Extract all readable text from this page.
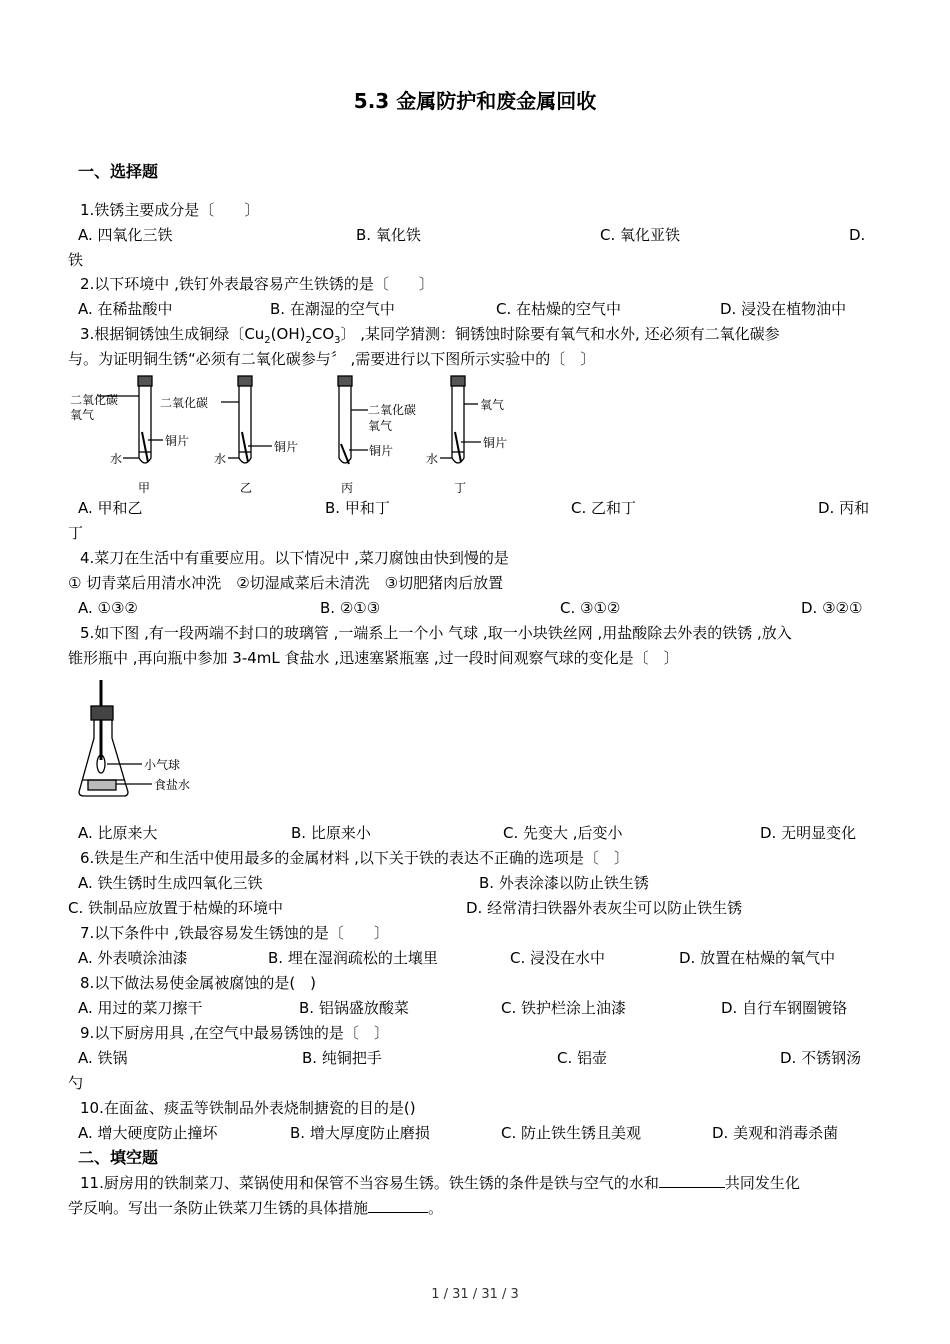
5.3 金属防护和废金属回收
一、选择题
1.铁锈主要成分是〔　　〕
A. 四氧化三铁	B. 氧化铁	C. 氧化亚铁	D.
铁
2.以下环境中 ,铁钉外表最容易产生铁锈的是〔　　〕
A. 在稀盐酸中	B. 在潮湿的空气中	C. 在枯燥的空气中	D. 浸没在植物油中
3.根据铜锈蚀生成铜绿〔$Cu_2(OH)_2CO_3$〕 ,某同学猜测：铜锈蚀时除要有氧气和水外, 还必须有二氧化碳参
与。为证明铜生锈“必须有二氧化碳参与〞 ,需要进行以下图所示实验中的〔　〕
二氧化碳
氧气
铜片
水
二氧化碳
铜片
水
二氧化碳
氧气
铜片
氧气
铜片
水
甲	乙	丙	丁
A. 甲和乙	B. 甲和丁	C. 乙和丁	D. 丙和
丁
4.菜刀在生活中有重要应用。以下情况中 ,菜刀腐蚀由快到慢的是
① 切青菜后用清水冲洗　②切湿咸菜后未清洗　③切肥猪肉后放置
A. ①③②	B. ②①③	C. ③①②	D. ③②①
5.如下图 ,有一段两端不封口的玻璃管 ,一端系上一个小 气球 ,取一小块铁丝网 ,用盐酸除去外表的铁锈 ,放入
锥形瓶中 ,再向瓶中参加 3-4mL 食盐水 ,迅速塞紧瓶塞 ,过一段时间观察气球的变化是〔　〕
小气球
食盐水
A. 比原来大	B. 比原来小	C. 先变大 ,后变小	D. 无明显变化
6.铁是生产和生活中使用最多的金属材料 ,以下关于铁的表达不正确的选项是〔　〕
A. 铁生锈时生成四氧化三铁	B. 外表涂漆以防止铁生锈
C. 铁制品应放置于枯燥的环境中	D. 经常清扫铁器外表灰尘可以防止铁生锈
7.以下条件中 ,铁最容易发生锈蚀的是〔　　〕
A. 外表喷涂油漆	B. 埋在湿润疏松的土壤里	C. 浸没在水中	D. 放置在枯燥的氧气中
8.以下做法易使金属被腐蚀的是(　)
A. 用过的菜刀擦干	B. 铝锅盛放酸菜	C. 铁护栏涂上油漆	D. 自行车钢圈镀铬
9.以下厨房用具 ,在空气中最易锈蚀的是〔　〕
A. 铁锅	B. 纯铜把手	C. 铝壶	D. 不锈钢汤
勺
10.在面盆、痰盂等铁制品外表烧制搪瓷的目的是()
A. 增大硬度防止撞坏	B. 增大厚度防止磨损	C. 防止铁生锈且美观	D. 美观和消毒杀菌
二、填空题
11.厨房用的铁制菜刀、菜锅使用和保管不当容易生锈。铁生锈的条件是铁与空气的水和	共同发生化
学反响。写出一条防止铁菜刀生锈的具体措施	。
1 / 31 / 31 / 3
